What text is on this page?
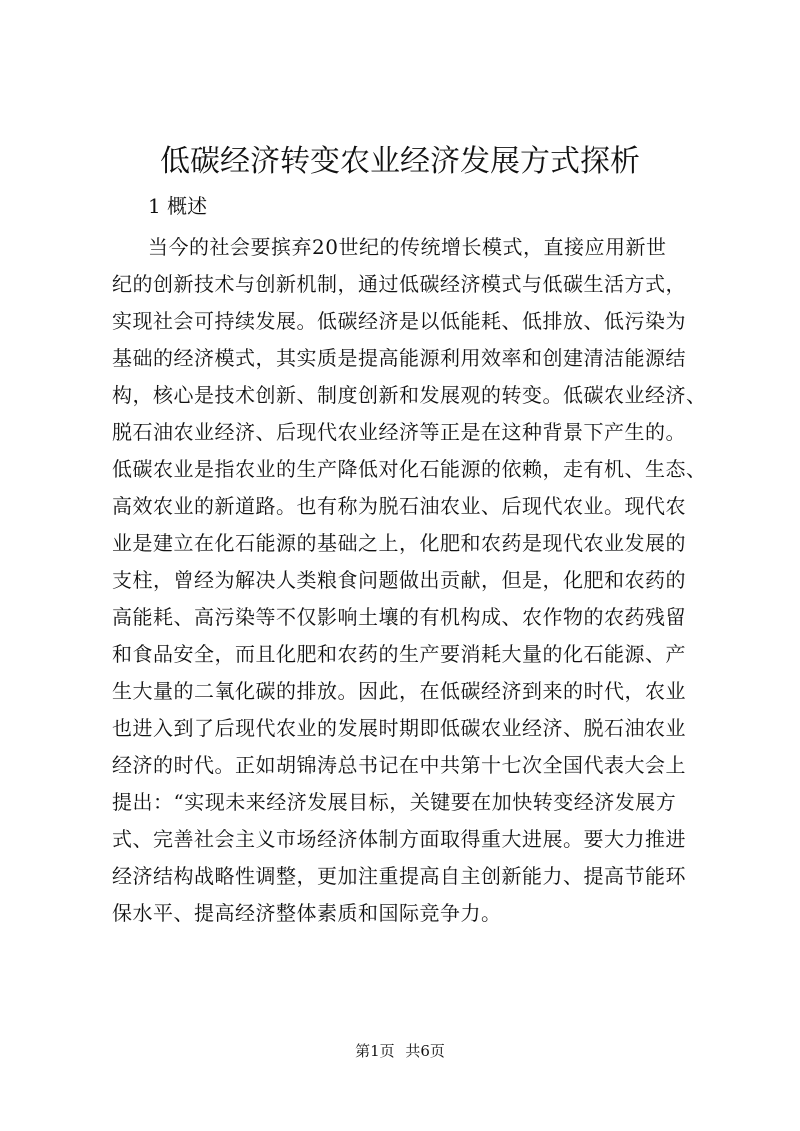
低碳经济转变农业经济发展方式探析

1 概述

当今的社会要摈弃20世纪的传统增长模式，直接应用新世
纪的创新技术与创新机制，通过低碳经济模式与低碳生活方式，
实现社会可持续发展。低碳经济是以低能耗、低排放、低污染为
基础的经济模式，其实质是提高能源利用效率和创建清洁能源结
构，核心是技术创新、制度创新和发展观的转变。低碳农业经济、
脱石油农业经济、后现代农业经济等正是在这种背景下产生的。
低碳农业是指农业的生产降低对化石能源的依赖，走有机、生态、
高效农业的新道路。也有称为脱石油农业、后现代农业。现代农
业是建立在化石能源的基础之上，化肥和农药是现代农业发展的
支柱，曾经为解决人类粮食问题做出贡献，但是，化肥和农药的
高能耗、高污染等不仅影响土壤的有机构成、农作物的农药残留
和食品安全，而且化肥和农药的生产要消耗大量的化石能源、产
生大量的二氧化碳的排放。因此，在低碳经济到来的时代，农业
也进入到了后现代农业的发展时期即低碳农业经济、脱石油农业
经济的时代。正如胡锦涛总书记在中共第十七次全国代表大会上
提出：“实现未来经济发展目标，关键要在加快转变经济发展方
式、完善社会主义市场经济体制方面取得重大进展。要大力推进
经济结构战略性调整，更加注重提高自主创新能力、提高节能环
保水平、提高经济整体素质和国际竞争力。
第1页 共6页
